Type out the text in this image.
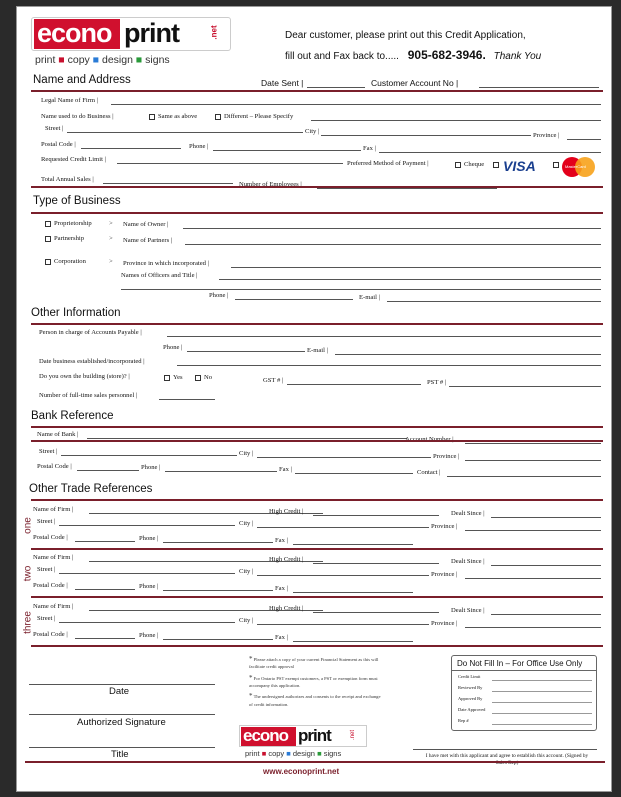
econo print	.net
print ■ copy ■ design ■ signs
Dear customer, please print out this Credit Application,
fill out and Fax back to..... 905-682-3946. Thank You
Name and Address	Date Sent |	Customer Account No |
Legal Name of Firm |
Name used to do Business |	Same as above	Different – Please Specify
Street |	City |
Province |
Postal Code |	Phone |	Fax |
Requested Credit Limit |
Preferred Method of Payment |	Cheque VISA	MasterCard
Total Annual Sales |
Number of Employees |
Type of Business
Proprietorship	> Name of Owner |
Partnership	> Name of Partners |
Corporation	> Province in which incorporated |
Names of Officers and Title |
Phone |	E-mail |
Other Information
Person in charge of Accounts Payable |
Phone |	E-mail |
Date business established/incorporated |
Do you own the building (store)? |	Yes	No	GST # |	PST # |
Number of full-time sales personnel |
Bank Reference
Name of Bank |
Account Number |
Street |	City |	Province |
Postal Code |	Phone |	Fax |	Contact |
Other Trade References
one
Name of Firm |	High Credit |	Dealt Since |
Street |	City |	Province |
Postal Code |	Phone |	Fax |
two
Name of Firm |	High Credit |	Dealt Since |
Street |	City |	Province |
Postal Code |	Phone |	Fax |
three
Name of Firm |	High Credit |	Dealt Since |
Street |	City |	Province |
Postal Code |	Phone |	Fax |
Date
Authorized Signature
Title
* Please attach a copy of your current Financial Statement as this will facilitate credit approval
* For Ontario PST exempt customers, a PST or exemption form must accompany this application.
* The undersigned authorizes and consents to the receipt and exchange of credit information.
Do Not Fill In – For Office Use Only
Credit Limit
Reviewed By
Approved By
Date Approved
Rep #
I have met with this applicant and agree to establish this account. (Signed by Sales Rep)
econo print	.net
print ■ copy ■ design ■ signs
www.econoprint.net
